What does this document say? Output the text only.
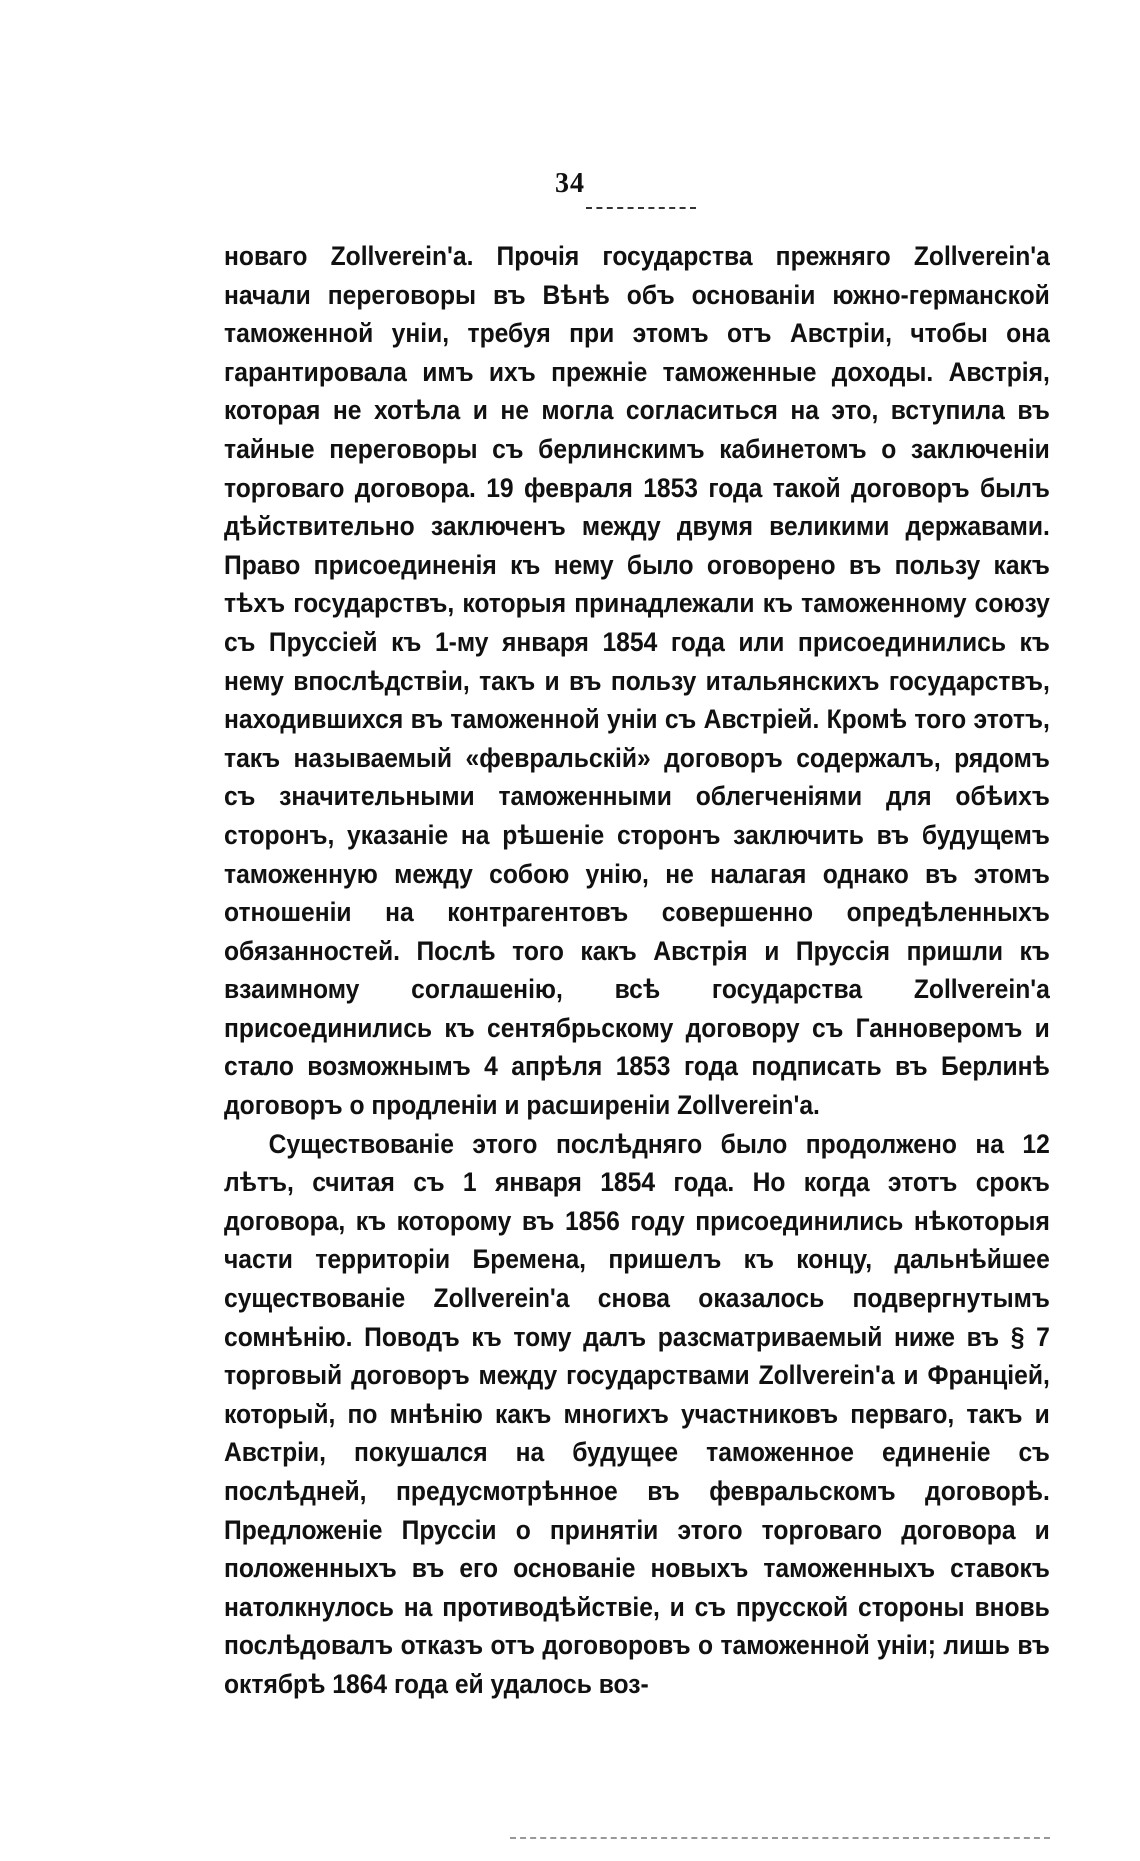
34

новаго Zollverein'а. Прочія государства прежняго Zollverein'а начали переговоры въ Вѣнѣ объ основаніи южно-германской таможенной уніи, требуя при этомъ отъ Австріи, чтобы она гарантировала имъ ихъ прежніе таможенные доходы. Австрія, которая не хотѣла и не могла согласиться на это, вступила въ тайные переговоры съ берлинскимъ кабинетомъ о заключеніи торговаго договора. 19 февраля 1853 года такой договоръ былъ дѣйствительно заключенъ между двумя великими державами. Право присоединенія къ нему было оговорено въ пользу какъ тѣхъ государствъ, которыя принадлежали къ таможенному союзу съ Пруссіей къ 1-му января 1854 года или присоединились къ нему впослѣдствіи, такъ и въ пользу итальянскихъ государствъ, находившихся въ таможенной уніи съ Австріей. Кромѣ того этотъ, такъ называемый «февральскій» договоръ содержалъ, рядомъ съ значительными таможенными облегченіями для обѣихъ сторонъ, указаніе на рѣшеніе сторонъ заключить въ будущемъ таможенную между собою унію, не налагая однако въ этомъ отношеніи на контрагентовъ совершенно опредѣленныхъ обязанностей. Послѣ того какъ Австрія и Пруссія пришли къ взаимному соглашенію, всѣ государства Zollverein'а присоединились къ сентябрьскому договору съ Ганноверомъ и стало возможнымъ 4 апрѣля 1853 года подписать въ Берлинѣ договоръ о продленіи и расширеніи Zollverein'а.

Существованіе этого послѣдняго было продолжено на 12 лѣтъ, считая съ 1 января 1854 года. Но когда этотъ срокъ договора, къ которому въ 1856 году присоединились нѣкоторыя части территоріи Бремена, пришелъ къ концу, дальнѣйшее существованіе Zollverein'а снова оказалось подвергнутымъ сомнѣнію. Поводъ къ тому далъ разсматриваемый ниже въ § 7 торговый договоръ между государствами Zollverein'а и Франціей, который, по мнѣнію какъ многихъ участниковъ перваго, такъ и Австріи, покушался на будущее таможенное единеніе съ послѣдней, предусмотрѣнное въ февральскомъ договорѣ. Предложеніе Пруссіи о принятіи этого торговаго договора и положенныхъ въ его основаніе новыхъ таможенныхъ ставокъ натолкнулось на противодѣйствіе, и съ прусской стороны вновь послѣдовалъ отказъ отъ договоровъ о таможенной уніи; лишь въ октябрѣ 1864 года ей удалось воз-
